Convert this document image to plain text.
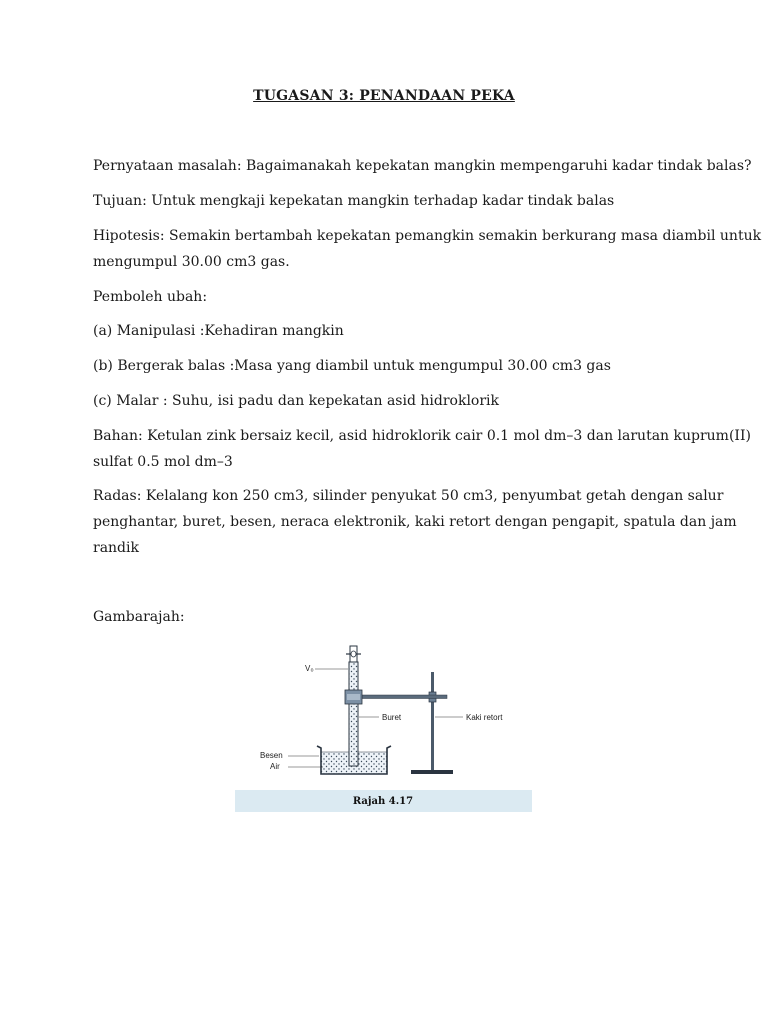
TUGASAN 3: PENANDAAN PEKA
Pernyataan masalah: Bagaimanakah kepekatan mangkin mempengaruhi kadar tindak balas?
Tujuan: Untuk mengkaji kepekatan mangkin terhadap kadar tindak balas
Hipotesis: Semakin bertambah kepekatan pemangkin semakin berkurang masa diambil untuk
mengumpul 30.00 cm3 gas.
Pemboleh ubah:
(a) Manipulasi :Kehadiran mangkin
(b) Bergerak balas :Masa yang diambil untuk mengumpul 30.00 cm3 gas
(c) Malar : Suhu, isi padu dan kepekatan asid hidroklorik
Bahan: Ketulan zink bersaiz kecil, asid hidroklorik cair 0.1 mol dm–3 dan larutan kuprum(II)
sulfat 0.5 mol dm–3
Radas: Kelalang kon 250 cm3, silinder penyukat 50 cm3, penyumbat getah dengan salur
penghantar, buret, besen, neraca elektronik, kaki retort dengan pengapit, spatula dan jam
randik
Gambarajah:
Rajah 4.17
V₀
Buret	Kaki retort
Besen
Air
